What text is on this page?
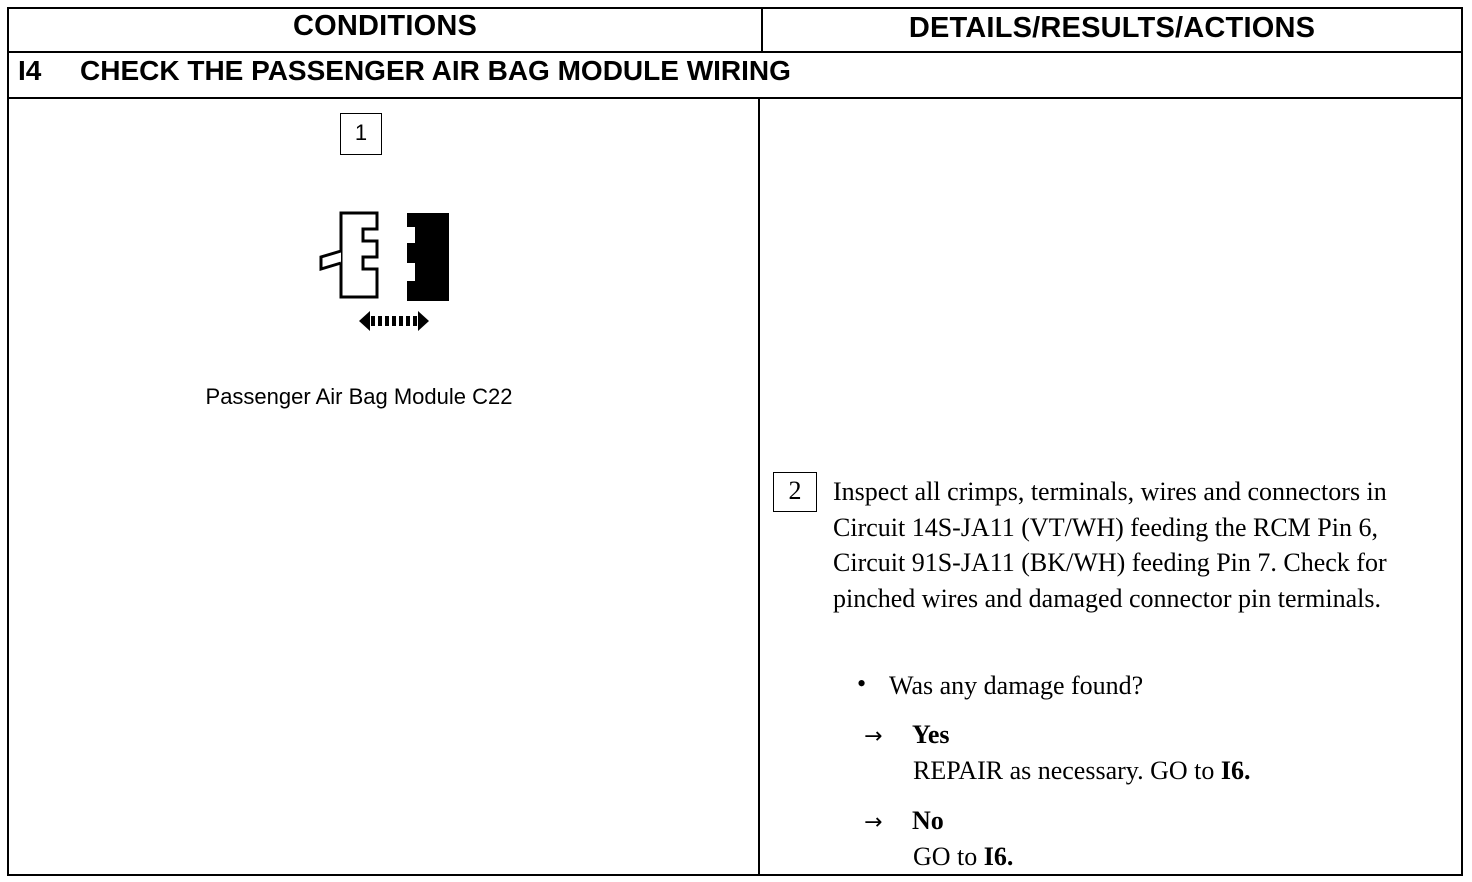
CONDITIONS	DETAILS/RESULTS/ACTIONS
I4 CHECK THE PASSENGER AIR BAG MODULE WIRING
1
Passenger Air Bag Module C22
2	Inspect all crimps, terminals, wires and connectors in Circuit 14S-JA11 (VT/WH) feeding the RCM Pin 6, Circuit 91S-JA11 (BK/WH) feeding Pin 7. Check for pinched wires and damaged connector pin terminals.
• Was any damage found?
→ Yes
REPAIR as necessary. GO to I6.
→ No
GO to I6.
